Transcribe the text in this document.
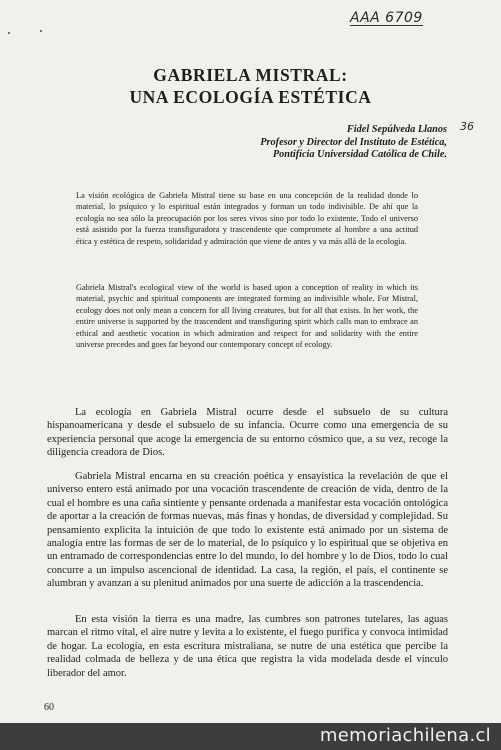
AAA 6709
36
GABRIELA MISTRAL:
UNA ECOLOGÍA ESTÉTICA
Fidel Sepúlveda Llanos
Profesor y Director del Instituto de Estética,
Pontificia Universidad Católica de Chile.

La visión ecológica de Gabriela Mistral tiene su base en una concepción de la realidad donde lo material, lo psíquico y lo espiritual están integrados y forman un todo indivisible. De ahí que la ecología no sea sólo la preocupación por los seres vivos sino por todo lo existente. Todo el universo está asistido por la fuerza transfiguradora y trascendente que compromete al hombre a una actitud ética y estética de respeto, solidaridad y admiración que viene de antes y va más allá de la ecología.

Gabriela Mistral's ecological view of the world is based upon a conception of reality in which its material, psychic and spiritual components are integrated forming an indivisible whole. For Mistral, ecology does not only mean a concern for all living creatures, but for all that exists. In her work, the entire universe is supported by the trascendent and transfiguring spirit which calls man to embrace an ethical and aesthetic vocation in which admiration and respect for and solidarity with the entire universe precedes and goes far beyond our contemporary concept of ecology.

La ecología en Gabriela Mistral ocurre desde el subsuelo de su cultura hispanoamericana y desde el subsuelo de su infancia. Ocurre como una emergencia de su experiencia personal que acoge la emergencia de su entorno cósmico que, a su vez, recoge la diligencia creadora de Dios.

Gabriela Mistral encarna en su creación poética y ensayística la revelación de que el universo entero está animado por una vocación trascendente de creación de vida, dentro de la cual el hombre es una caña sintiente y pensante ordenada a manifestar esta vocación ontológica de aportar a la creación de formas nuevas, más finas y hondas, de diversidad y complejidad. Su pensamiento explicita la intuición de que todo lo existente está animado por un sistema de analogía entre las formas de ser de lo material, de lo psíquico y lo espiritual que se objetiva en un entramado de correspondencias entre lo del mundo, lo del hombre y lo de Dios, todo lo cual concurre a un impulso ascencional de identidad. La casa, la región, el país, el continente se alumbran y avanzan a su plenitud animados por una suerte de adicción a la trascendencia.

En esta visión la tierra es una madre, las cumbres son patrones tutelares, las aguas marcan el ritmo vital, el aire nutre y levita a lo existente, el fuego purifica y convoca intimidad de hogar. La ecología, en esta escritura mistraliana, se nutre de una estética que percibe la realidad colmada de belleza y de una ética que registra la vida modelada desde el vínculo liberador del amor.

60
memoriachilena.cl
